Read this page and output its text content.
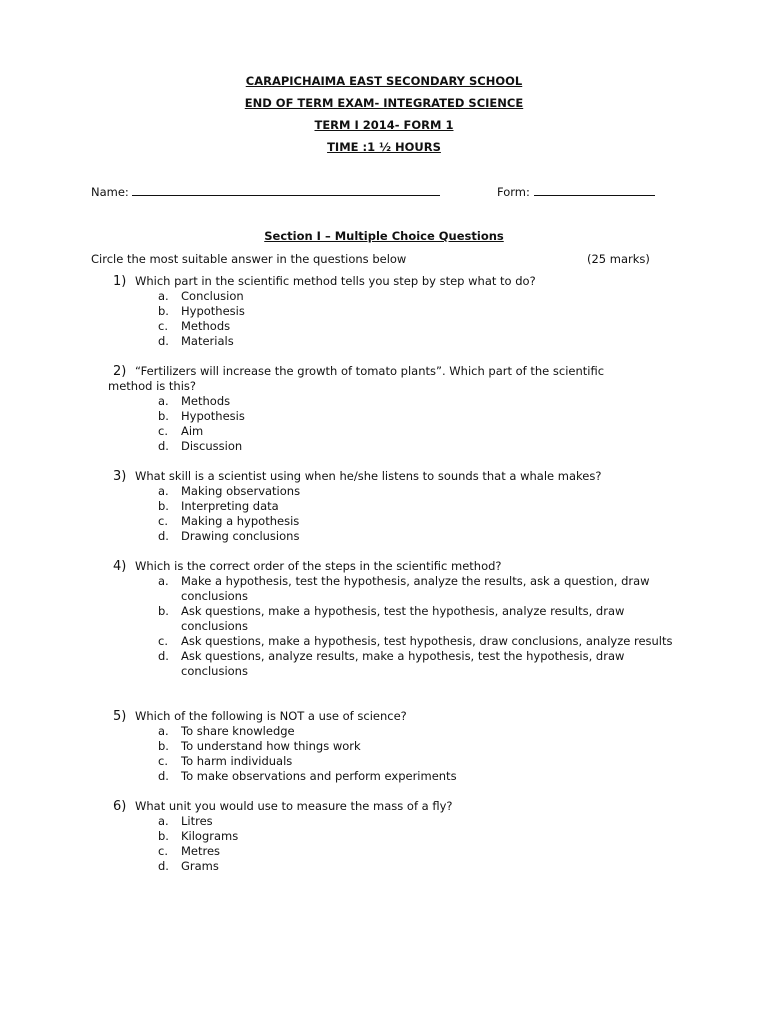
CARAPICHAIMA EAST SECONDARY SCHOOL
END OF TERM EXAM- INTEGRATED SCIENCE
TERM I 2014- FORM 1
TIME :1 ½ HOURS
Name:	Form:
Section I – Multiple Choice Questions
Circle the most suitable answer in the questions below	(25 marks)
1) Which part in the scientific method tells you step by step what to do?
a. Conclusion
b. Hypothesis
c. Methods
d. Materials
2) “Fertilizers will increase the growth of tomato plants”. Which part of the scientific method is this?
a. Methods
b. Hypothesis
c. Aim
d. Discussion
3) What skill is a scientist using when he/she listens to sounds that a whale makes?
a. Making observations
b. Interpreting data
c. Making a hypothesis
d. Drawing conclusions
4) Which is the correct order of the steps in the scientific method?
a. Make a hypothesis, test the hypothesis, analyze the results, ask a question, draw conclusions
b. Ask questions, make a hypothesis, test the hypothesis, analyze results, draw conclusions
c. Ask questions, make a hypothesis, test hypothesis, draw conclusions, analyze results
d. Ask questions, analyze results, make a hypothesis, test the hypothesis, draw conclusions
5) Which of the following is NOT a use of science?
a. To share knowledge
b. To understand how things work
c. To harm individuals
d. To make observations and perform experiments
6) What unit you would use to measure the mass of a fly?
a. Litres
b. Kilograms
c. Metres
d. Grams
